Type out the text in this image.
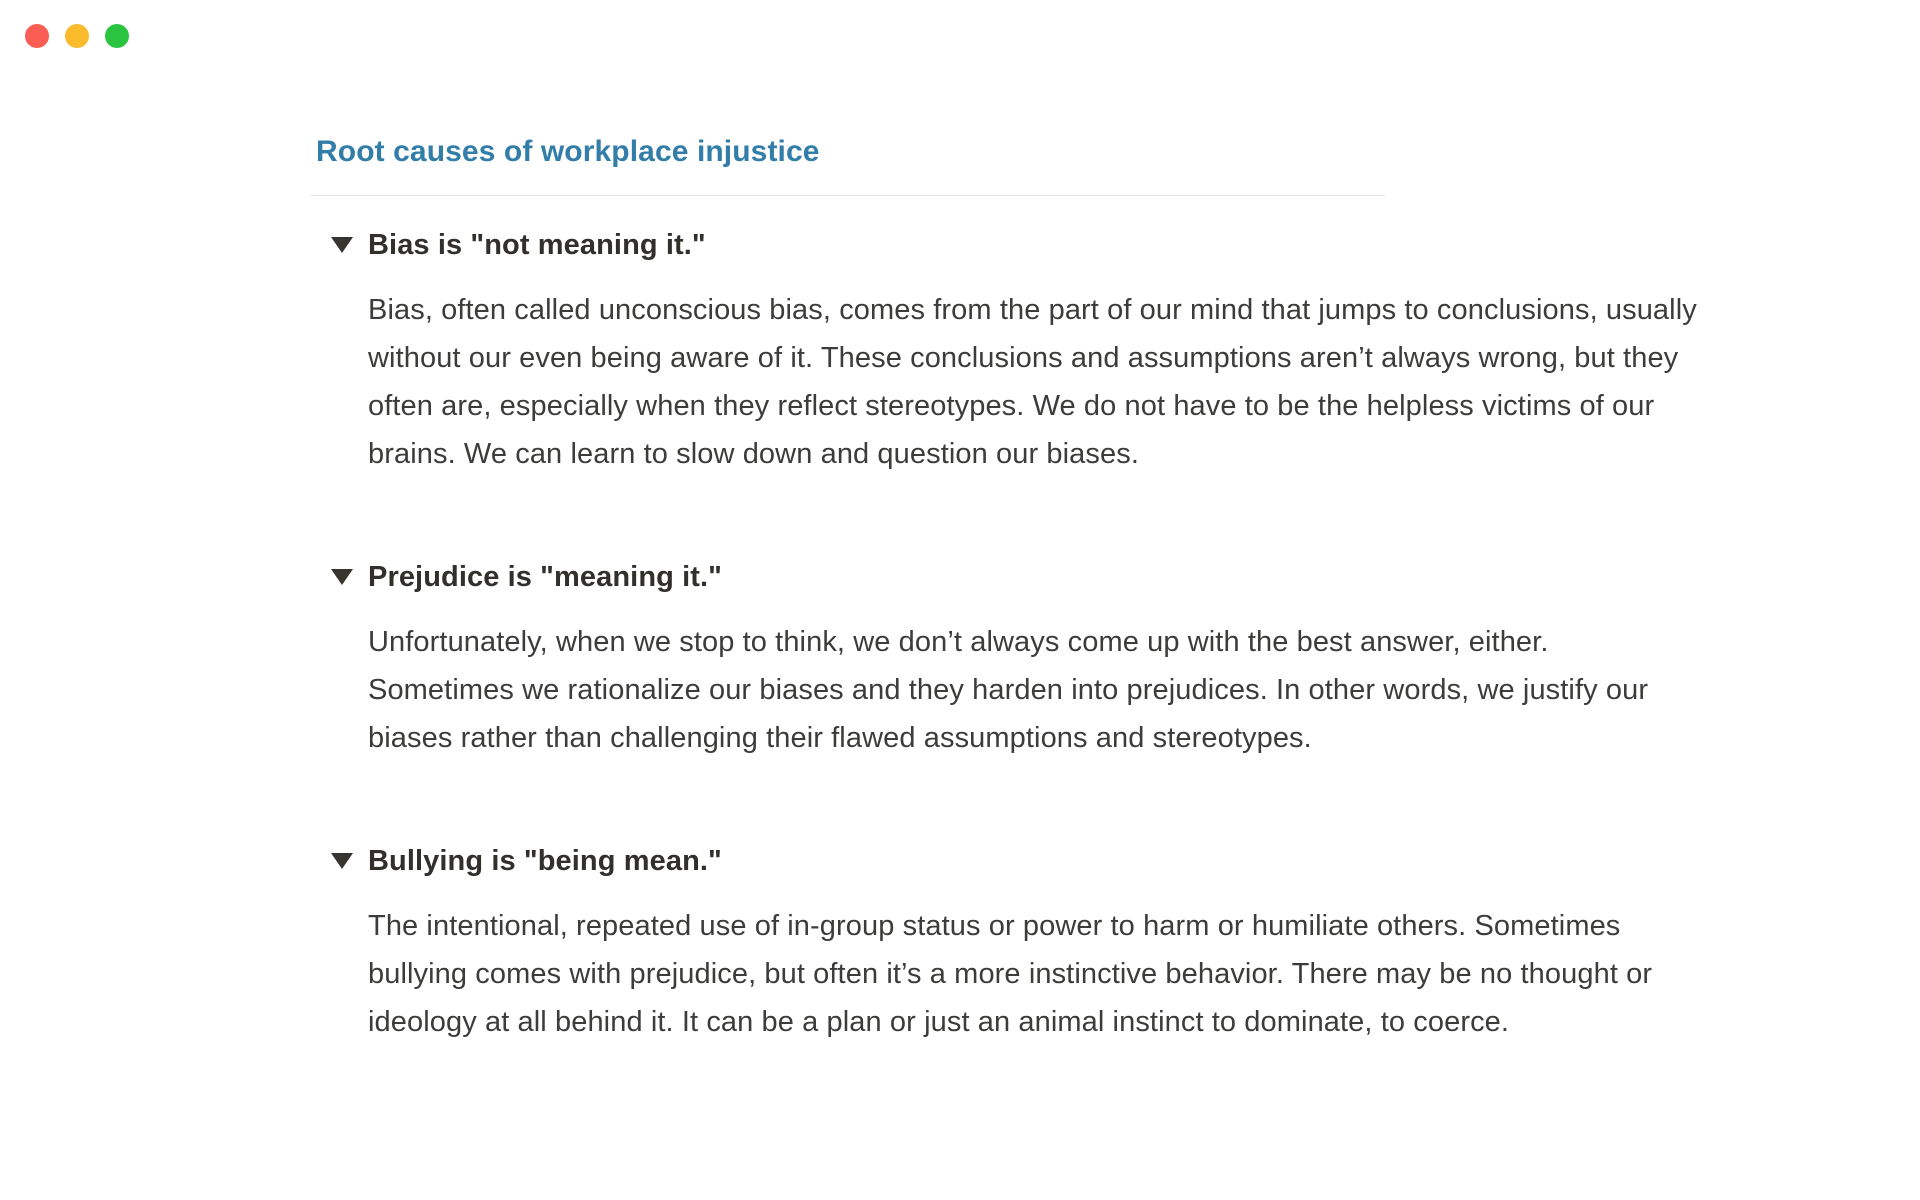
Root causes of workplace injustice
Bias is "not meaning it."

Bias, often called unconscious bias, comes from the part of our mind that jumps to conclusions, usually without our even being aware of it. These conclusions and assumptions aren’t always wrong, but they often are, especially when they reflect stereotypes. We do not have to be the helpless victims of our brains. We can learn to slow down and question our biases.

Prejudice is "meaning it."

Unfortunately, when we stop to think, we don’t always come up with the best answer, either. Sometimes we rationalize our biases and they harden into prejudices. In other words, we justify our biases rather than challenging their flawed assumptions and stereotypes.

Bullying is "being mean."

The intentional, repeated use of in-group status or power to harm or humiliate others. Sometimes bullying comes with prejudice, but often it’s a more instinctive behavior. There may be no thought or ideology at all behind it. It can be a plan or just an animal instinct to dominate, to coerce.
